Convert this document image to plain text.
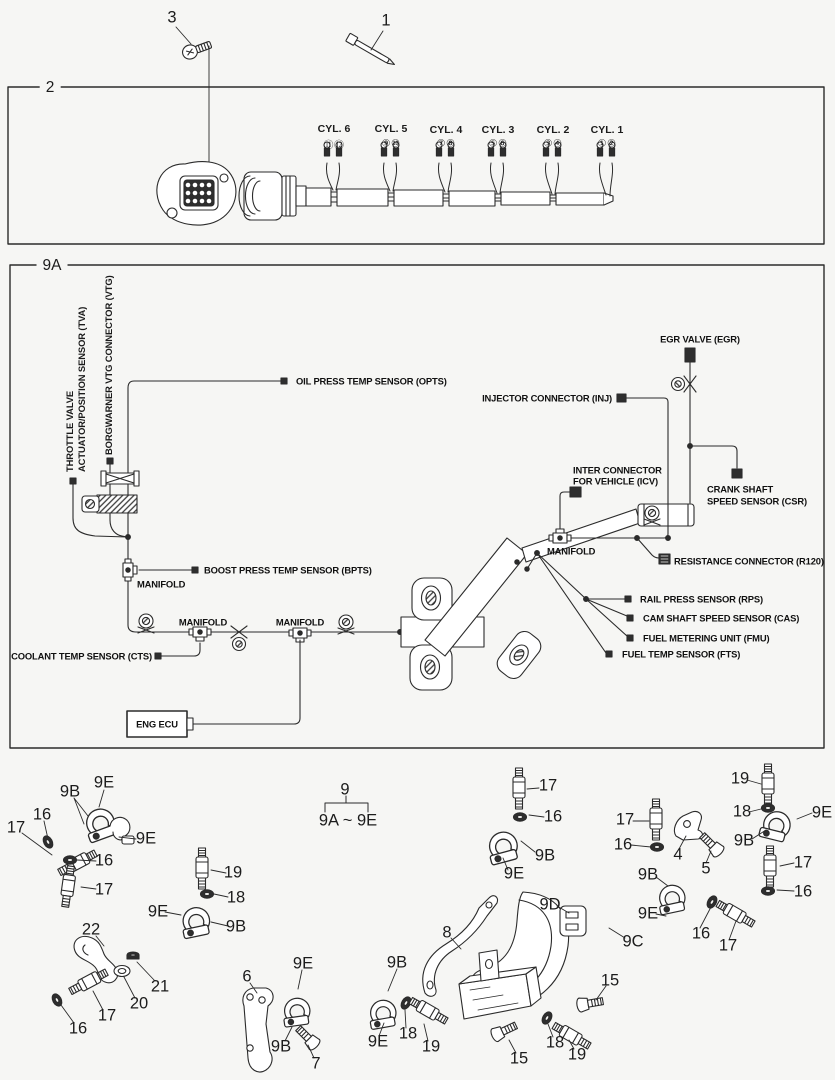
3	1
2
9A
CYL. 6
⑪⑫
CYL. 5
⑨⑩
CYL. 4
⑦⑧
CYL. 3
⑤⑥
CYL. 2
③④
CYL. 1
①②
OIL PRESS TEMP SENSOR (OPTS)
EGR VALVE (EGR)
INJECTOR CONNECTOR (INJ)
INTER CONNECTOR
FOR VEHICLE (ICV)
CRANK SHAFT
SPEED SENSOR (CSR)
MANIFOLD
RESISTANCE CONNECTOR (R120)
RAIL PRESS SENSOR (RPS)
CAM SHAFT SPEED SENSOR (CAS)
FUEL METERING UNIT (FMU)
FUEL TEMP SENSOR (FTS)
BOOST PRESS TEMP SENSOR (BPTS)
MANIFOLD
MANIFOLD	MANIFOLD
COOLANT TEMP SENSOR (CTS)
17
16
9B 9E
9E
16
17
19
18
9E
9B
22
21
20
17
16
6
9E
9B
7
9B
9E 18
19
8
9D
9C
15
18
19
15
17
16
4
5
9B
9E
16
17
19
18	9E
9B
17
16
17
16
9B
9E
9
9A ~ 9E
THROTTLE VALVE ACTUATOR/POSITION SENSOR (TVA) BORGWARNER VTG CONNECTOR (VTG)
ENG ECU
